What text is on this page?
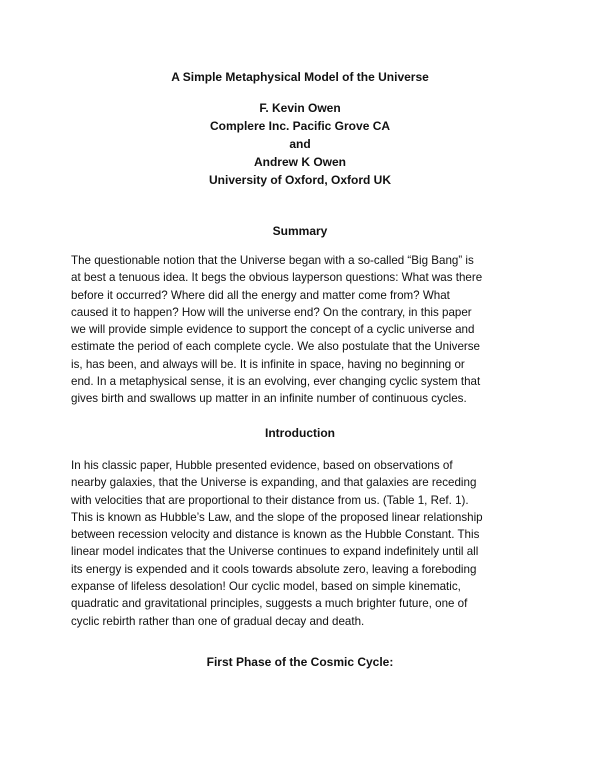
A Simple Metaphysical Model of the Universe
F. Kevin Owen
Complere Inc. Pacific Grove CA
and
Andrew K Owen
University of Oxford, Oxford UK
Summary
The questionable notion that the Universe began with a so-called “Big Bang” is
at best a tenuous idea. It begs the obvious layperson questions: What was there
before it occurred? Where did all the energy and matter come from? What
caused it to happen? How will the universe end? On the contrary, in this paper
we will provide simple evidence to support the concept of a cyclic universe and
estimate the period of each complete cycle. We also postulate that the Universe
is, has been, and always will be. It is infinite in space, having no beginning or
end. In a metaphysical sense, it is an evolving, ever changing cyclic system that
gives birth and swallows up matter in an infinite number of continuous cycles.
Introduction
In his classic paper, Hubble presented evidence, based on observations of
nearby galaxies, that the Universe is expanding, and that galaxies are receding
with velocities that are proportional to their distance from us. (Table 1, Ref. 1).
This is known as Hubble’s Law, and the slope of the proposed linear relationship
between recession velocity and distance is known as the Hubble Constant. This
linear model indicates that the Universe continues to expand indefinitely until all
its energy is expended and it cools towards absolute zero, leaving a foreboding
expanse of lifeless desolation! Our cyclic model, based on simple kinematic,
quadratic and gravitational principles, suggests a much brighter future, one of
cyclic rebirth rather than one of gradual decay and death.
First Phase of the Cosmic Cycle:
